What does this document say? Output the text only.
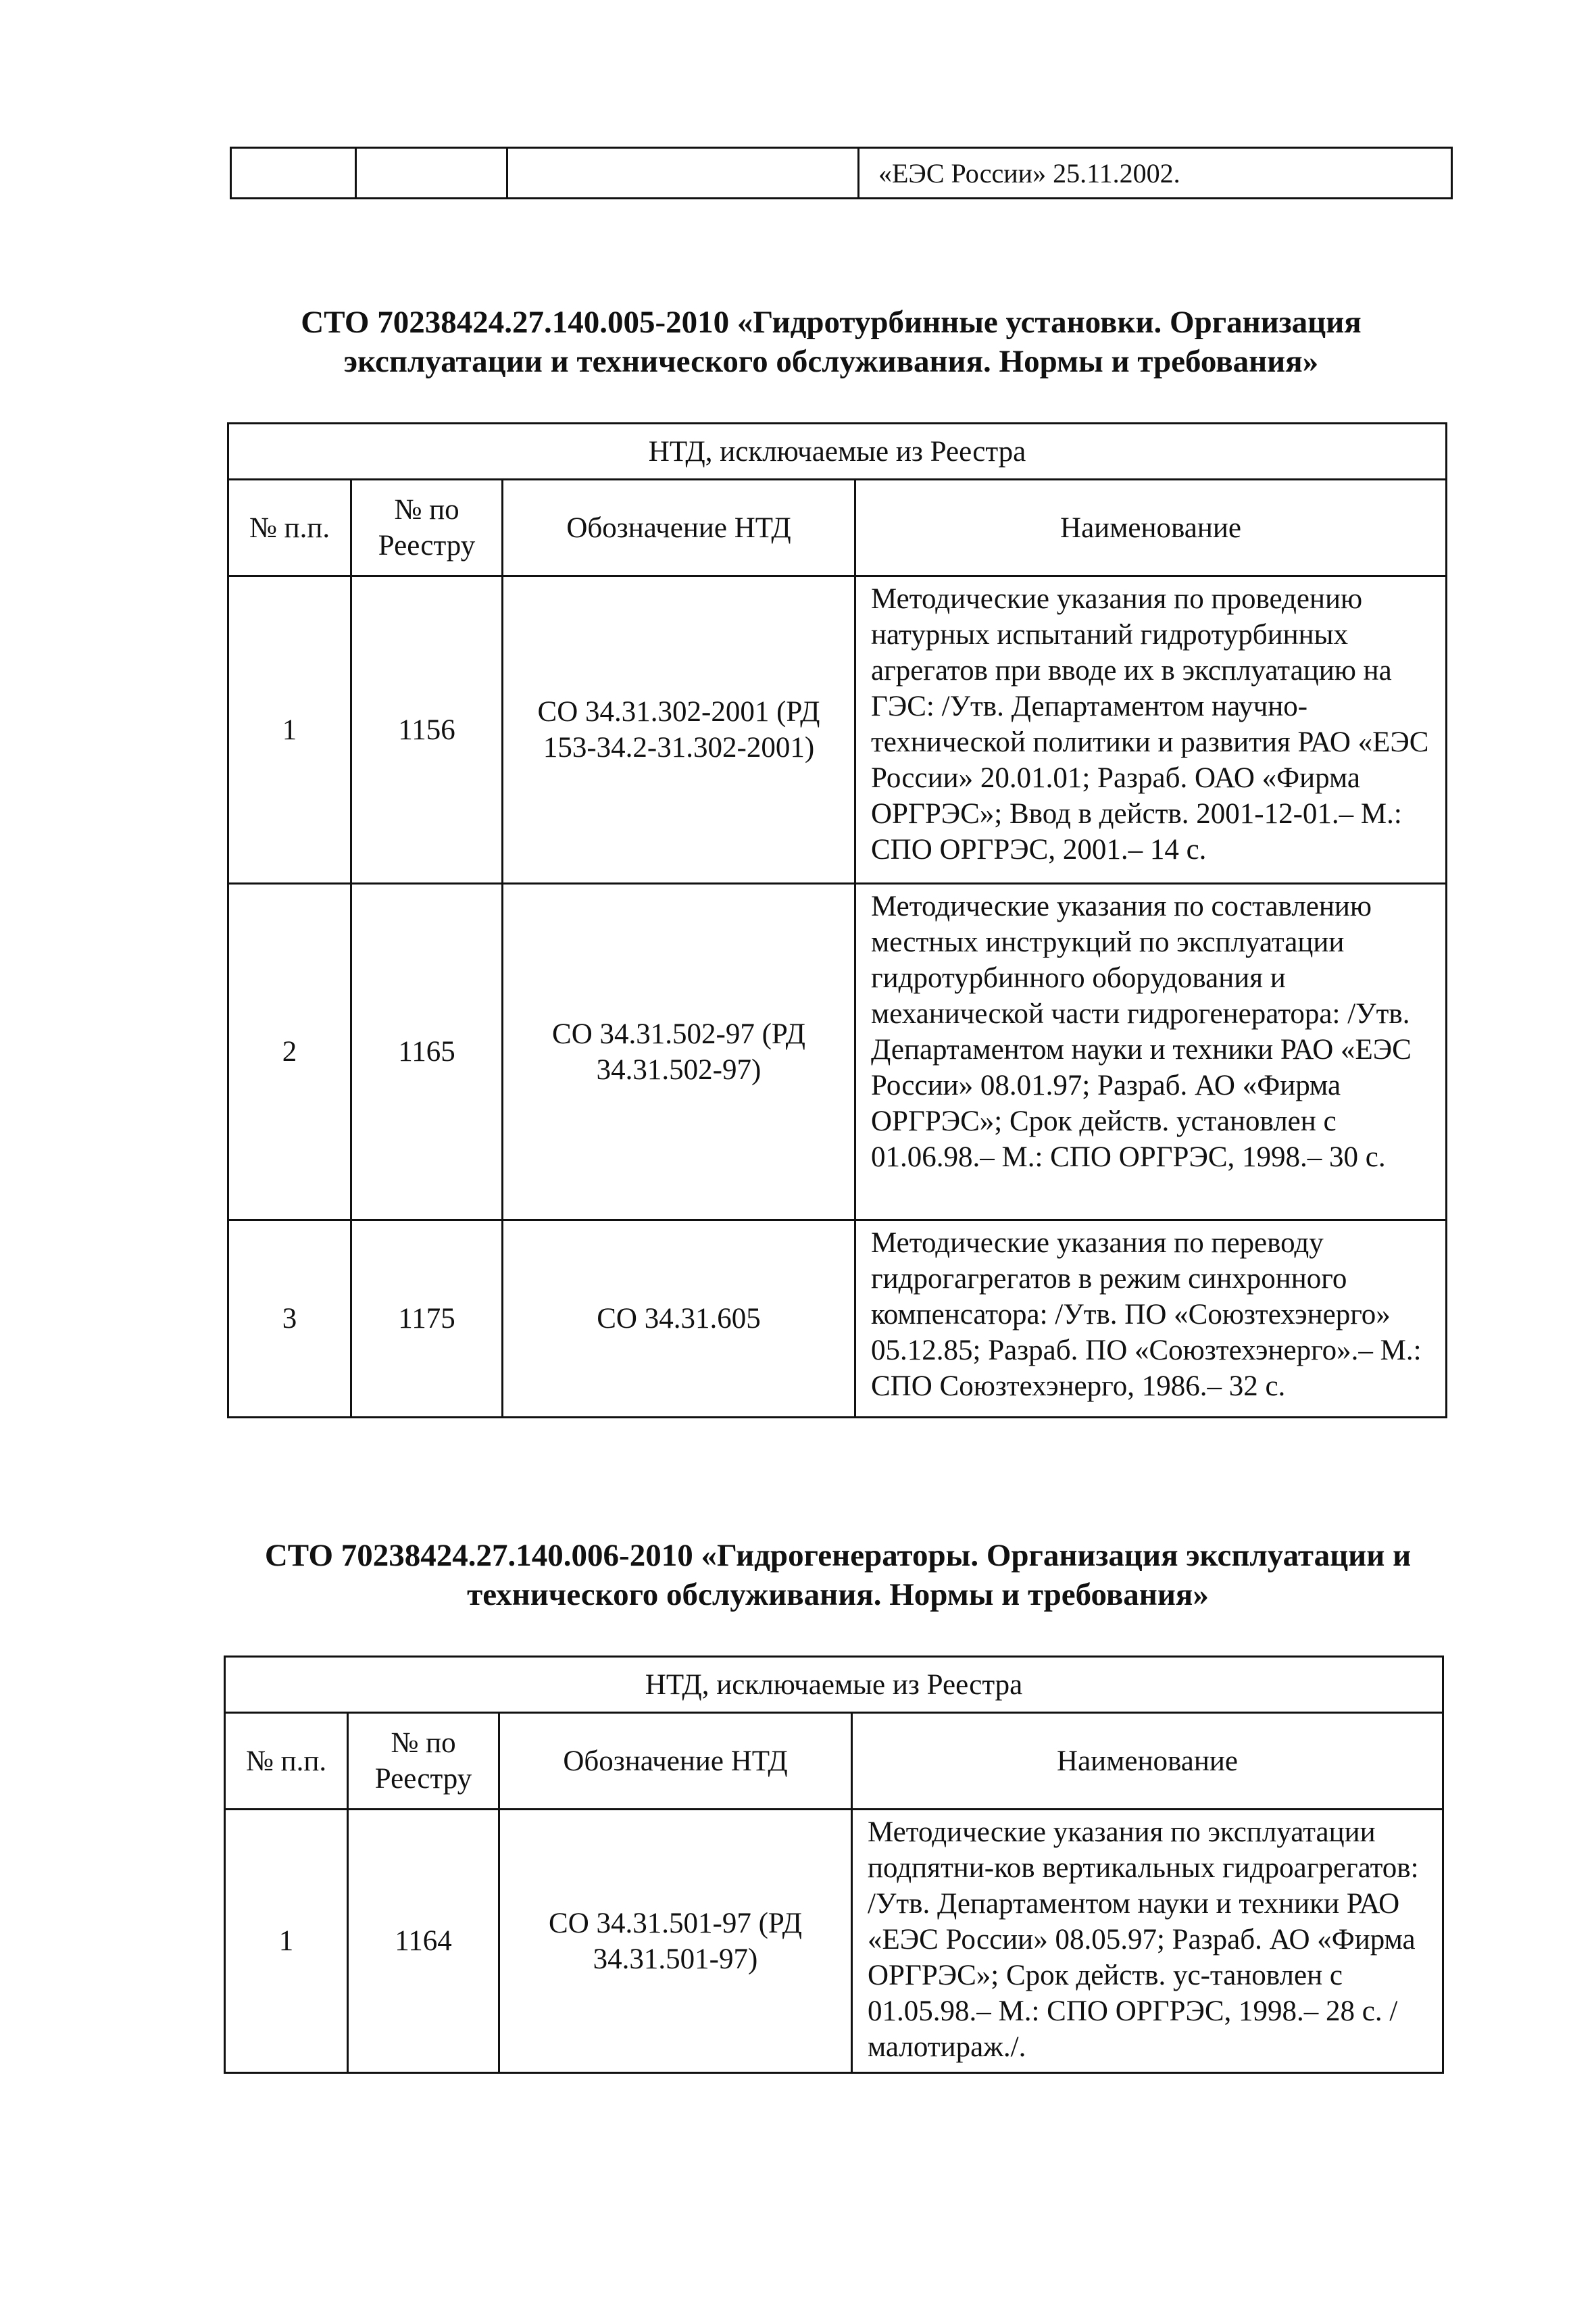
			«ЕЭС России» 25.11.2002.
СТО 70238424.27.140.005-2010 «Гидротурбинные установки. Организация
эксплуатации и технического обслуживания. Нормы и требования»
НТД, исключаемые из Реестра			
№ п.п.	№ по Реестру	Обозначение НТД	Наименование
1	1156	СО 34.31.302-2001 (РД 153-34.2-31.302-2001)	Методические указания по проведению натурных испытаний гидротурбинных агрегатов при вводе их в эксплуатацию на ГЭС: /Утв. Департаментом научно-технической политики и развития РАО «ЕЭС России» 20.01.01; Разраб. ОАО «Фирма ОРГРЭС»; Ввод в действ. 2001-12-01.– М.: СПО ОРГРЭС, 2001.– 14 с.
2	1165	СО 34.31.502-97 (РД 34.31.502-97)	Методические указания по составлению местных инструкций по эксплуатации гидротурбинного оборудования и механической части гидрогенератора: /Утв. Департаментом науки и техники РАО «ЕЭС России» 08.01.97; Разраб. АО «Фирма ОРГРЭС»; Срок действ. установлен с 01.06.98.– М.: СПО ОРГРЭС, 1998.– 30 с.
3	1175	СО 34.31.605	Методические указания по переводу гидрогагрегатов в режим синхронного компенсатора: /Утв. ПО «Союзтехэнерго» 05.12.85; Разраб. ПО «Союзтехэнерго».– М.: СПО Союзтехэнерго, 1986.– 32 с.
СТО 70238424.27.140.006-2010 «Гидрогенераторы. Организация эксплуатации и
технического обслуживания. Нормы и требования»
НТД, исключаемые из Реестра			
№ п.п.	№ по Реестру	Обозначение НТД	Наименование
1	1164	СО 34.31.501-97 (РД 34.31.501-97)	Методические указания по эксплуатации подпятни-ков вертикальных гидроагрегатов: /Утв. Департаментом науки и техники РАО «ЕЭС России» 08.05.97; Разраб. АО «Фирма ОРГРЭС»; Срок действ. ус-тановлен с 01.05.98.– М.: СПО ОРГРЭС, 1998.– 28 с. /малотираж./.
